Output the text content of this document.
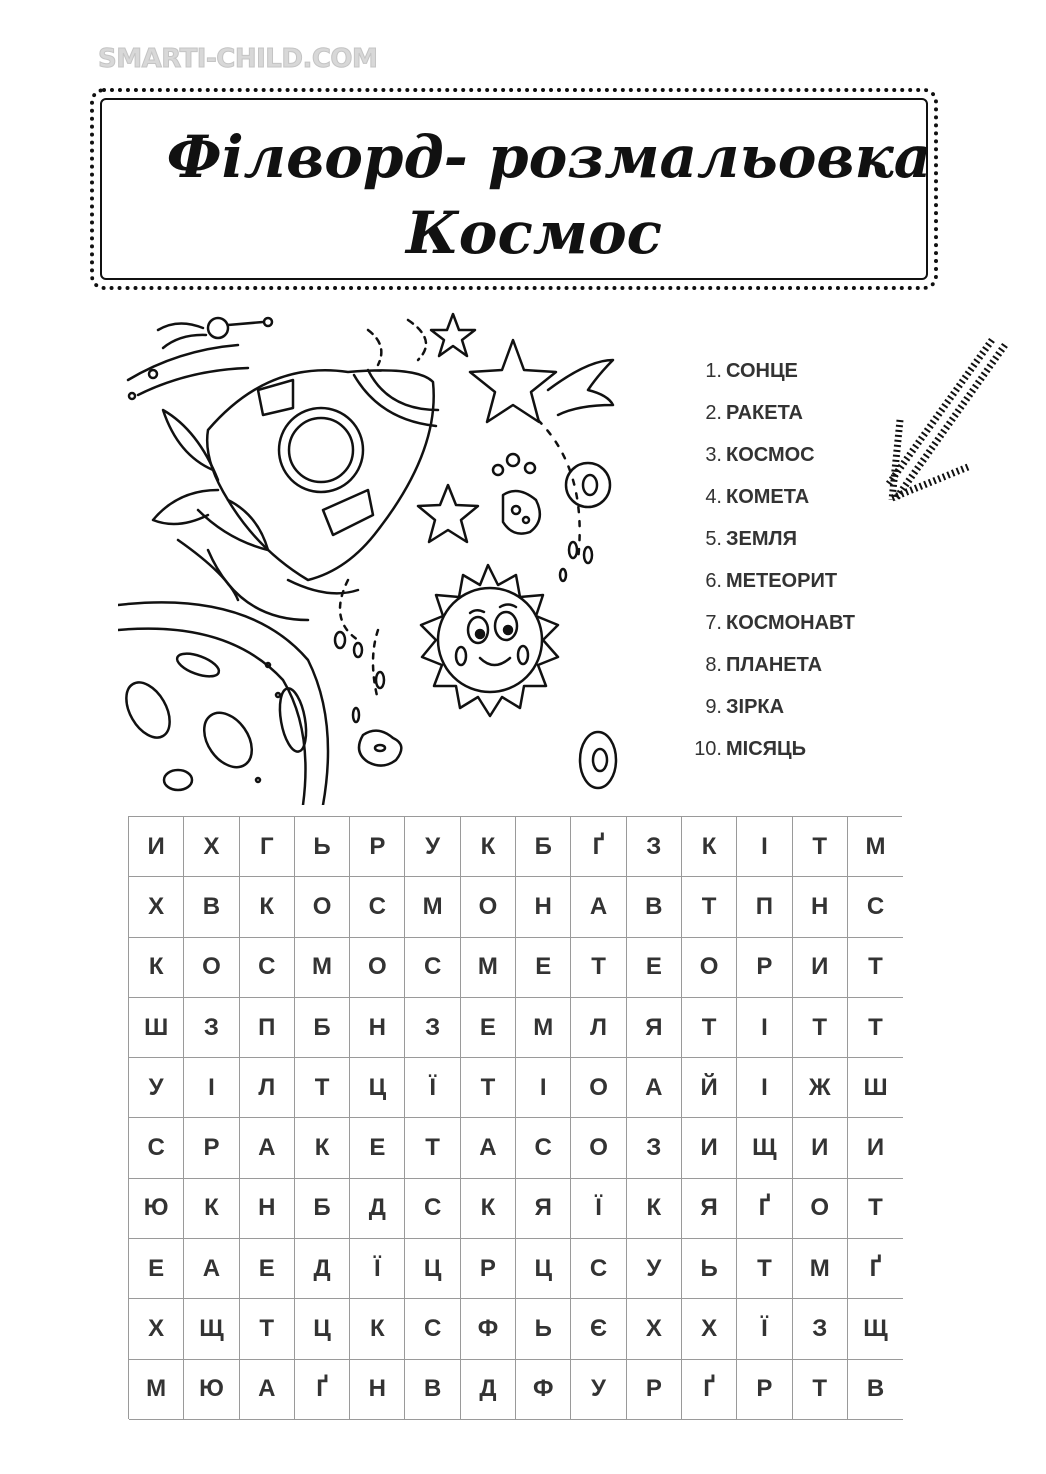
SMARTI-CHILD.COM
Філворд- розмальовка
Космос
1. СОНЦЕ
2. РАКЕТА
3. КОСМОС
4. КОМЕТА
5. ЗЕМЛЯ
6. МЕТЕОРИТ
7. КОСМОНАВТ
8. ПЛАНЕТА
9. ЗІРКА
10. МІСЯЦЬ
И	Х	Г	Ь	Р	У	К	Б	Ґ	З	К	І	Т	М
Х	В	К	О	С	М	О	Н	А	В	Т	П	Н	С
К	О	С	М	О	С	М	Е	Т	Е	О	Р	И	Т
Ш	З	П	Б	Н	З	Е	М	Л	Я	Т	І	Т	Т
У	І	Л	Т	Ц	Ї	Т	І	О	А	Й	І	Ж	Ш
С	Р	А	К	Е	Т	А	С	О	З	И	Щ	И	И
Ю	К	Н	Б	Д	С	К	Я	Ї	К	Я	Ґ	О	Т
Е	А	Е	Д	Ї	Ц	Р	Ц	С	У	Ь	Т	М	Ґ
Х	Щ	Т	Ц	К	С	Ф	Ь	Є	Х	Х	Ї	З	Щ
М	Ю	А	Ґ	Н	В	Д	Ф	У	Р	Ґ	Р	Т	В
